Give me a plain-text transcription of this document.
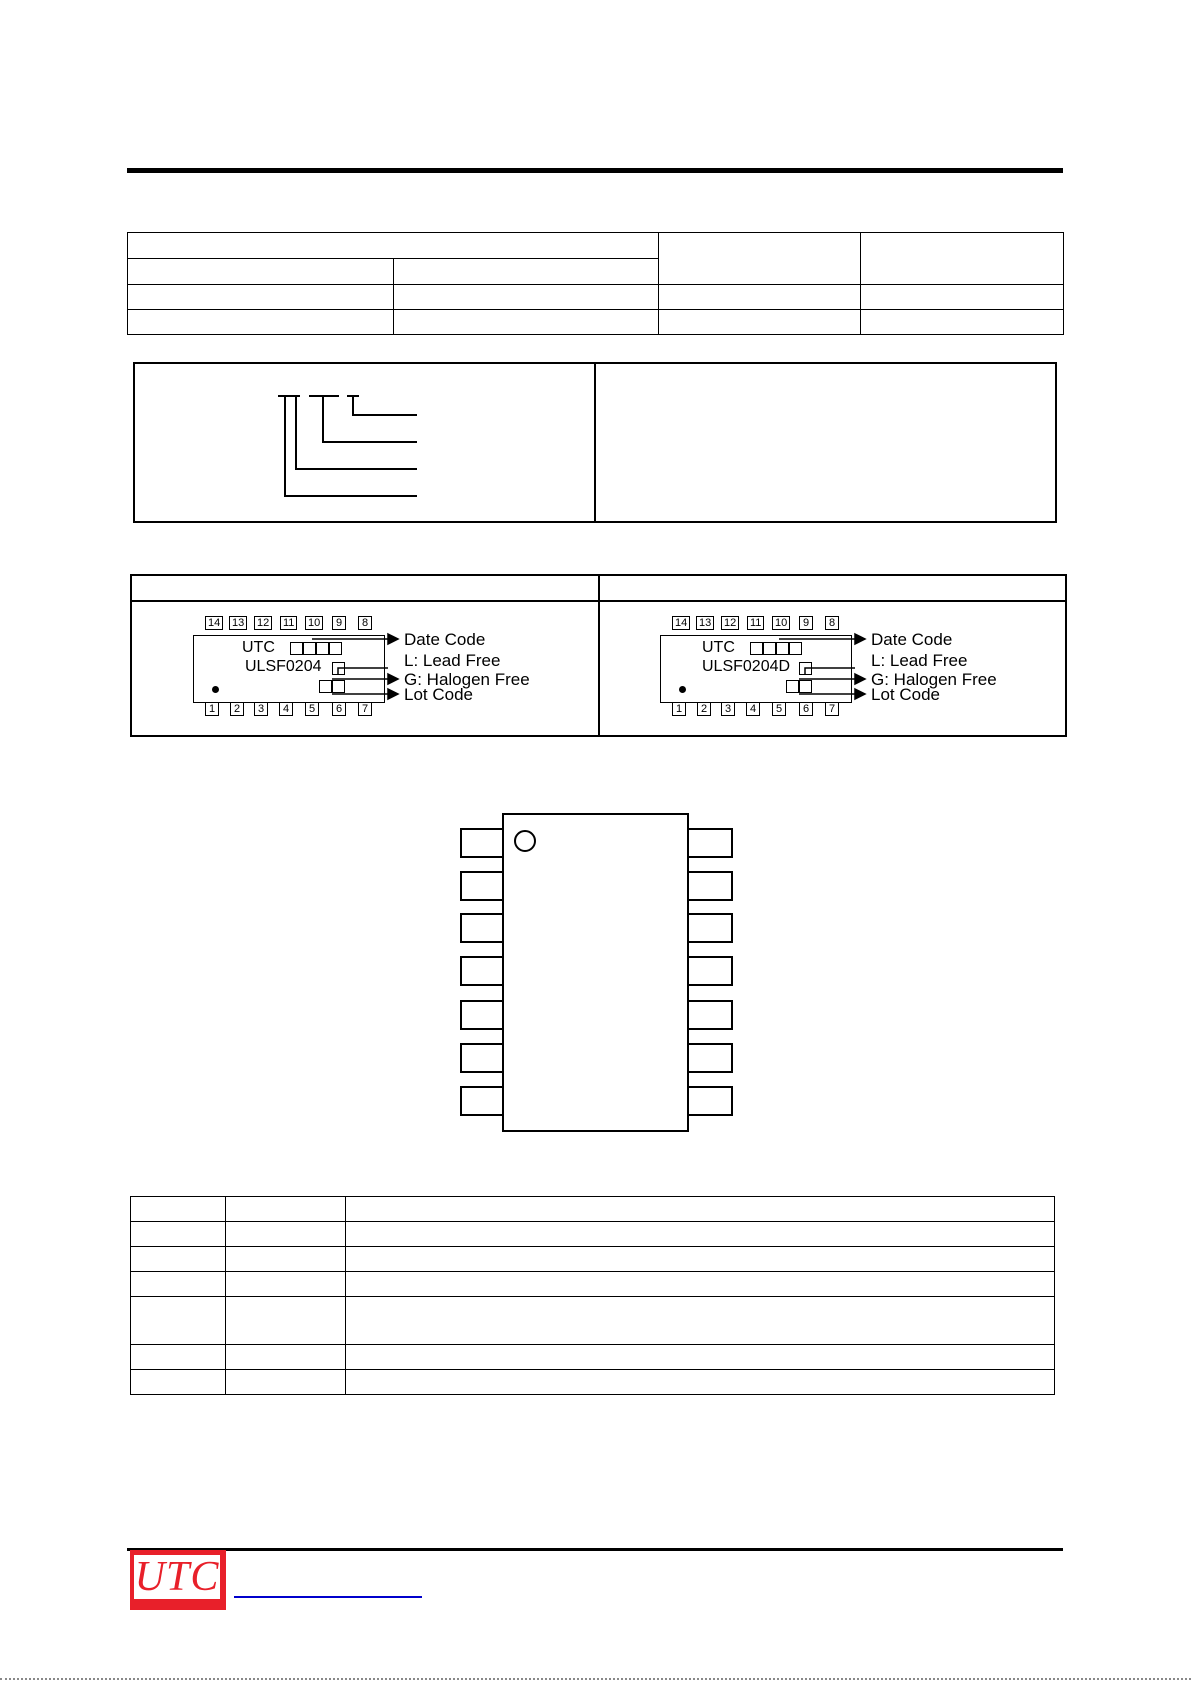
14 13 12 11 10	9	8
UTC
ULSF0204
1	2	3	4	5	6	7
Date Code
L: Lead Free
G: Halogen Free
Lot Code
14 13 12 11 10	9	8
UTC
ULSF0204D
1	2	3	4	5	6	7
Date Code
L: Lead Free
G: Halogen Free
Lot Code

UTC
